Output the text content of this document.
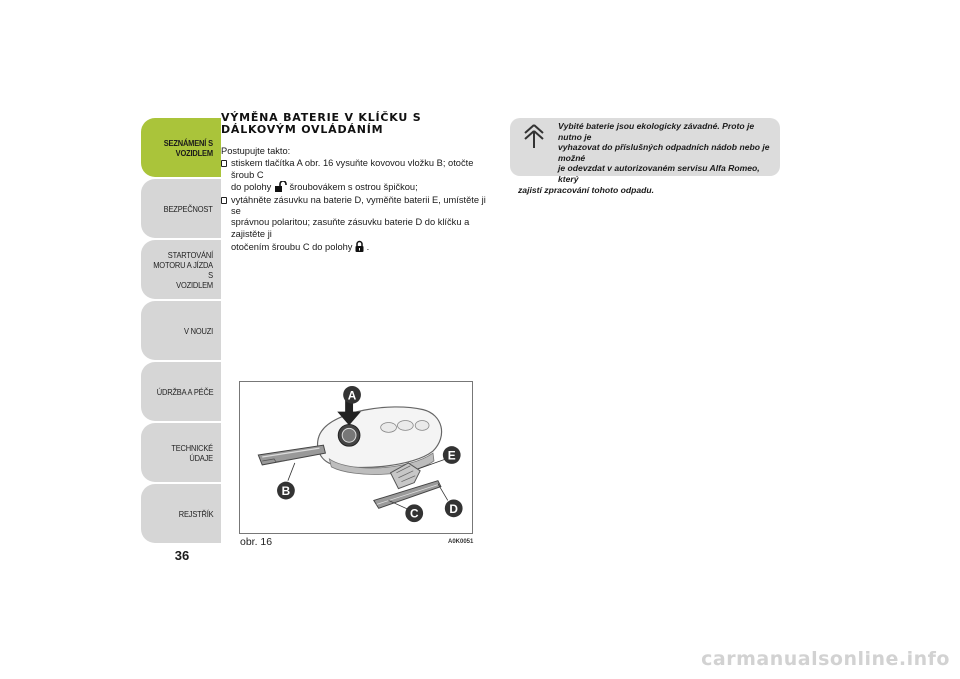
SEZNÁMENÍ S
VOZIDLEM
BEZPEČNOST
STARTOVÁNÍ
MOTORU A JÍZDA S
VOZIDLEM
V NOUZI
ÚDRŽBA A PÉČE
TECHNICKÉ ÚDAJE
REJSTŘÍK
36
VÝMĚNA BATERIE V KLÍČKU S
DÁLKOVÝM OVLÁDÁNÍM

Postupujte takto:

stiskem tlačítka A obr. 16 vysuňte kovovou vložku B; otočte šroub C
do polohy šroubovákem s ostrou špičkou;
vytáhněte zásuvku na baterie D, vyměňte baterii E, umístěte ji se
správnou polaritou; zasuňte zásuvku baterie D do klíčku a zajistěte ji
otočením šroubu C do polohy .
A
B
C	D
E
obr. 16	A0K0051
Vybité baterie jsou ekologicky závadné. Proto je nutno je
vyhazovat do příslušných odpadních nádob nebo je možné
je odevzdat v autorizovaném servisu Alfa Romeo, který
zajistí zpracování tohoto odpadu.
carmanualsonline.info
